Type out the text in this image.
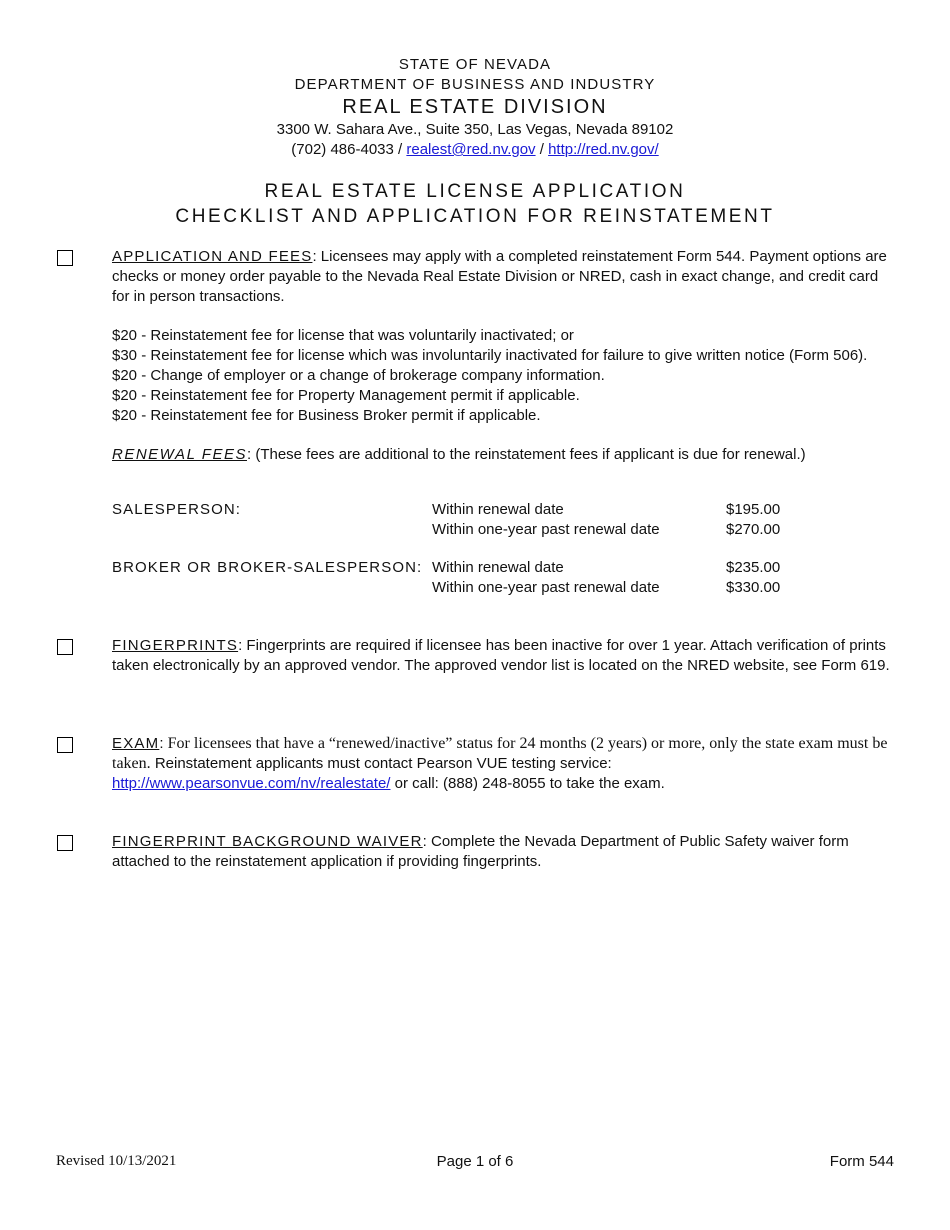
STATE OF NEVADA
DEPARTMENT OF BUSINESS AND INDUSTRY
REAL ESTATE DIVISION
3300 W. Sahara Ave., Suite 350, Las Vegas, Nevada 89102
(702) 486-4033 / realest@red.nv.gov / http://red.nv.gov/
REAL ESTATE LICENSE APPLICATION
CHECKLIST AND APPLICATION FOR REINSTATEMENT
APPLICATION AND FEES: Licensees may apply with a completed reinstatement Form 544. Payment options are checks or money order payable to the Nevada Real Estate Division or NRED, cash in exact change, and credit card for in person transactions.

$20 - Reinstatement fee for license that was voluntarily inactivated; or

$30 - Reinstatement fee for license which was involuntarily inactivated for failure to give written notice (Form 506).

$20 - Change of employer or a change of brokerage company information.

$20 - Reinstatement fee for Property Management permit if applicable.

$20 - Reinstatement fee for Business Broker permit if applicable.

RENEWAL FEES: (These fees are additional to the reinstatement fees if applicant is due for renewal.)
SALESPERSON:	Within renewal date	$195.00
Within one-year past renewal date	$270.00
BROKER OR BROKER-SALESPERSON: Within renewal date	$235.00
Within one-year past renewal date	$330.00
FINGERPRINTS: Fingerprints are required if licensee has been inactive for over 1 year. Attach verification of prints taken electronically by an approved vendor. The approved vendor list is located on the NRED website, see Form 619.
EXAM: For licensees that have a “renewed/inactive” status for 24 months (2 years) or more, only the state exam must be taken. Reinstatement applicants must contact Pearson VUE testing service:
http://www.pearsonvue.com/nv/realestate/ or call: (888) 248-8055 to take the exam.
FINGERPRINT BACKGROUND WAIVER: Complete the Nevada Department of Public Safety waiver form attached to the reinstatement application if providing fingerprints.
Revised 10/13/2021	Page 1 of 6	Form 544
